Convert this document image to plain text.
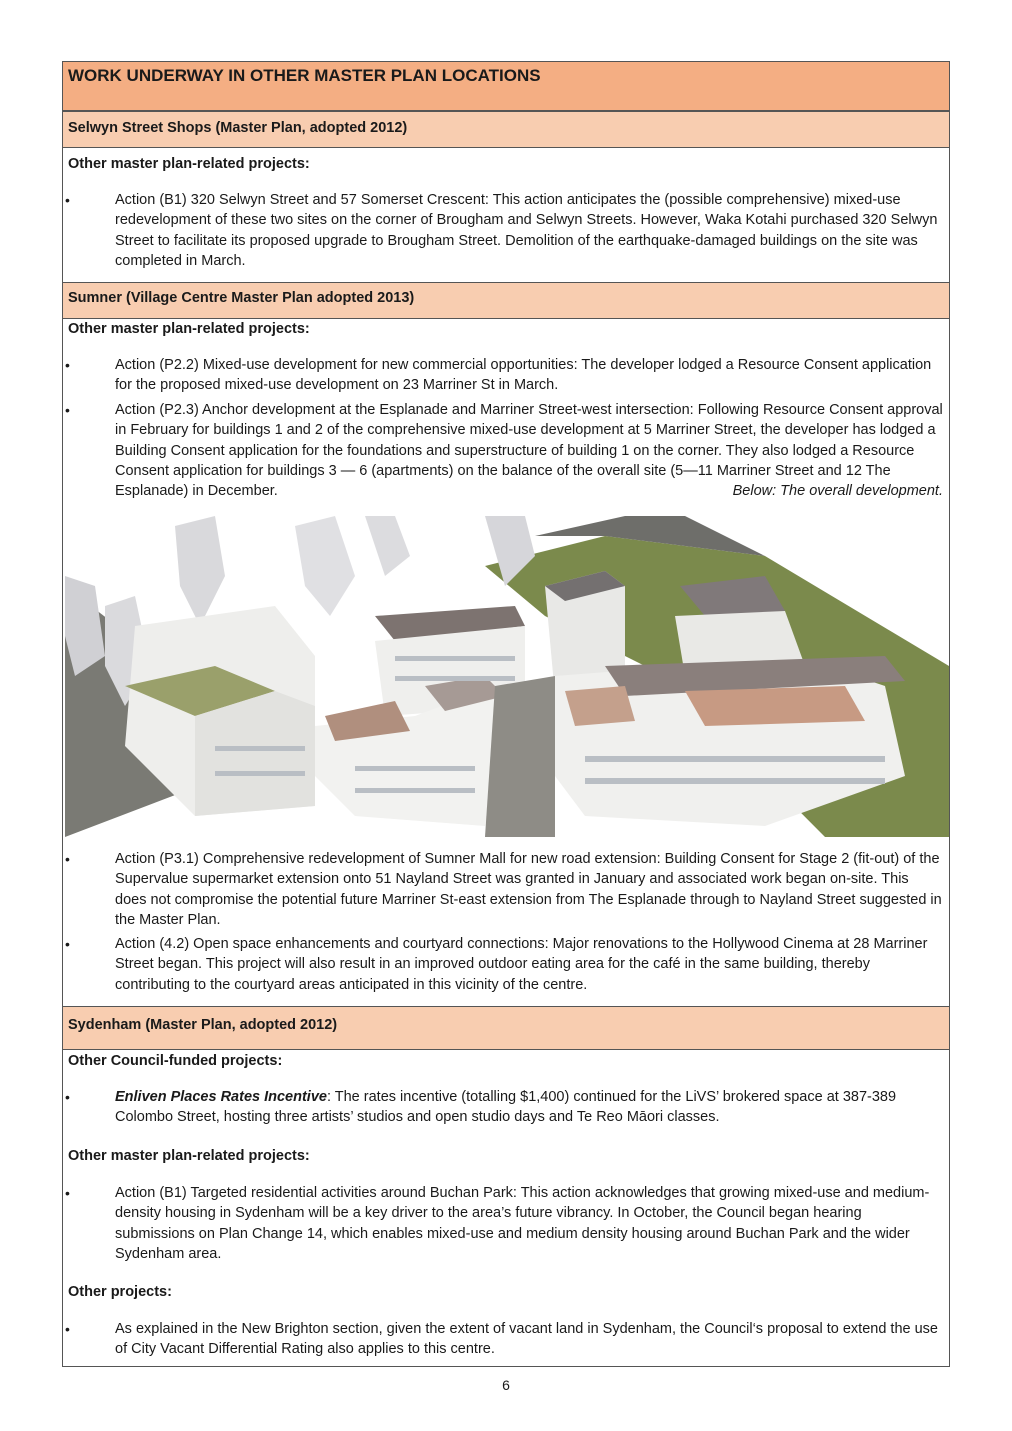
WORK UNDERWAY IN OTHER MASTER PLAN LOCATIONS
Selwyn Street Shops (Master Plan, adopted 2012)
Other master plan-related projects:
•	Action (B1) 320 Selwyn Street and 57 Somerset Crescent: This action anticipates the (possible comprehensive) mixed-use redevelopment of these two sites on the corner of Brougham and Selwyn Streets. However, Waka Kotahi purchased 320 Selwyn Street to facilitate its proposed upgrade to Brougham Street. Demolition of the earthquake-damaged buildings on the site was completed in March.
Sumner (Village Centre Master Plan adopted 2013)
Other master plan-related projects:
•	Action (P2.2) Mixed-use development for new commercial opportunities: The developer lodged a Resource Consent application for the proposed mixed-use development on 23 Marriner St in March.
•	Action (P2.3) Anchor development at the Esplanade and Marriner Street-west intersection: Following Resource Consent approval in February for buildings 1 and 2 of the comprehensive mixed-use development at 5 Marriner Street, the developer has lodged a Building Consent application for the foundations and superstructure of building 1 on the corner. They also lodged a Resource Consent application for buildings 3 — 6 (apartments) on the balance of the overall site (5—11 Marriner Street and 12 The Esplanade) in December.	Below: The overall development.
•	Action (P3.1) Comprehensive redevelopment of Sumner Mall for new road extension: Building Consent for Stage 2 (fit-out) of the Supervalue supermarket extension onto 51 Nayland Street was granted in January and associated work began on-site. This does not compromise the potential future Marriner St-east extension from The Esplanade through to Nayland Street suggested in the Master Plan.
•	Action (4.2) Open space enhancements and courtyard connections: Major renovations to the Hollywood Cinema at 28 Marriner Street began. This project will also result in an improved outdoor eating area for the café in the same building, thereby contributing to the courtyard areas anticipated in this vicinity of the centre.
Sydenham (Master Plan, adopted 2012)
Other Council-funded projects:
•	Enliven Places Rates Incentive: The rates incentive (totalling $1,400) continued for the LiVS’ brokered space at 387-389 Colombo Street, hosting three artists’ studios and open studio days and Te Reo Māori classes.
Other master plan-related projects:
•	Action (B1) Targeted residential activities around Buchan Park: This action acknowledges that growing mixed-use and medium-density housing in Sydenham will be a key driver to the area’s future vibrancy. In October, the Council began hearing submissions on Plan Change 14, which enables mixed-use and medium density housing around Buchan Park and the wider Sydenham area.
Other projects:
•	As explained in the New Brighton section, given the extent of vacant land in Sydenham, the Council‘s proposal to extend the use of City Vacant Differential Rating also applies to this centre.
6
